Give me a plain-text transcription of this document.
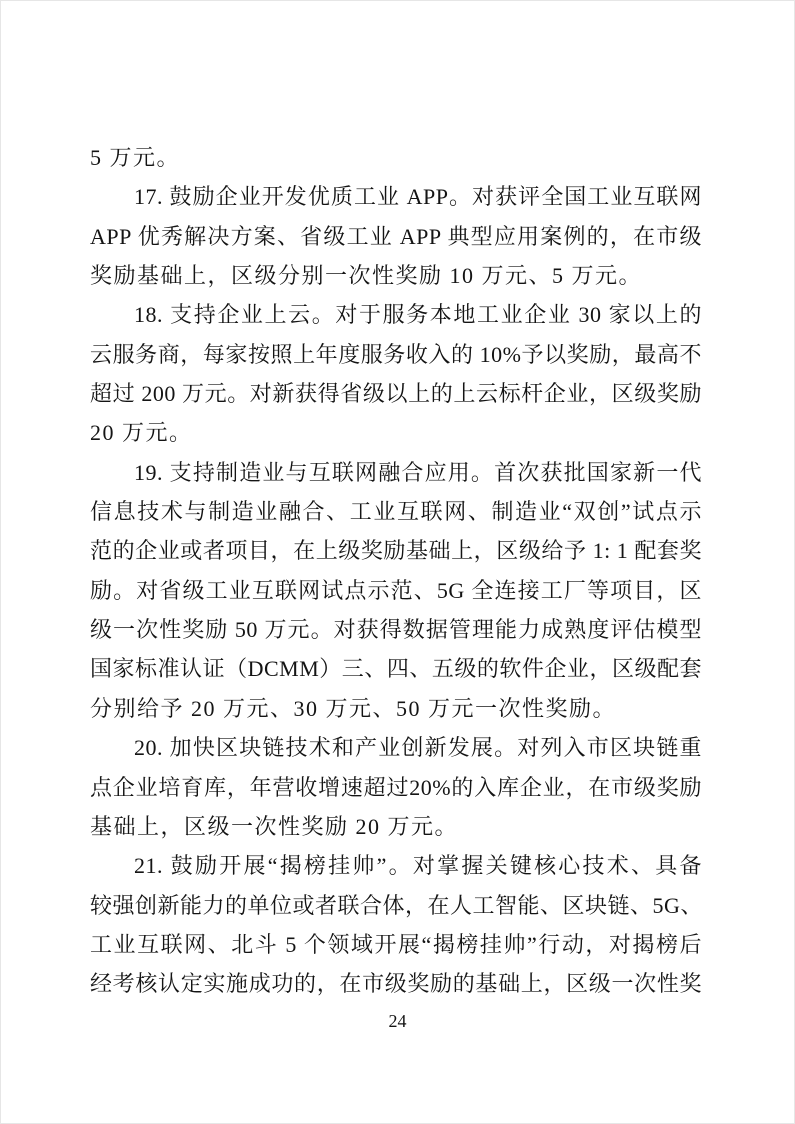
5 万元。

17. 鼓励企业开发优质工业 APP。对获评全国工业互联网

APP 优秀解决方案、省级工业 APP 典型应用案例的，在市级

奖励基础上，区级分别一次性奖励 10 万元、5 万元。

18. 支持企业上云。对于服务本地工业企业 30 家以上的

云服务商，每家按照上年度服务收入的 10%予以奖励，最高不

超过 200 万元。对新获得省级以上的上云标杆企业，区级奖励

20 万元。

19. 支持制造业与互联网融合应用。首次获批国家新一代

信息技术与制造业融合、工业互联网、制造业“双创”试点示

范的企业或者项目，在上级奖励基础上，区级给予 1: 1 配套奖

励。对省级工业互联网试点示范、5G 全连接工厂等项目，区

级一次性奖励 50 万元。对获得数据管理能力成熟度评估模型

国家标准认证（DCMM）三、四、五级的软件企业，区级配套

分别给予 20 万元、30 万元、50 万元一次性奖励。

20. 加快区块链技术和产业创新发展。对列入市区块链重

点企业培育库，年营收增速超过20%的入库企业，在市级奖励

基础上，区级一次性奖励 20 万元。

21. 鼓励开展“揭榜挂帅”。对掌握关键核心技术、具备

较强创新能力的单位或者联合体，在人工智能、区块链、5G、

工业互联网、北斗 5 个领域开展“揭榜挂帅”行动，对揭榜后

经考核认定实施成功的，在市级奖励的基础上，区级一次性奖

24
